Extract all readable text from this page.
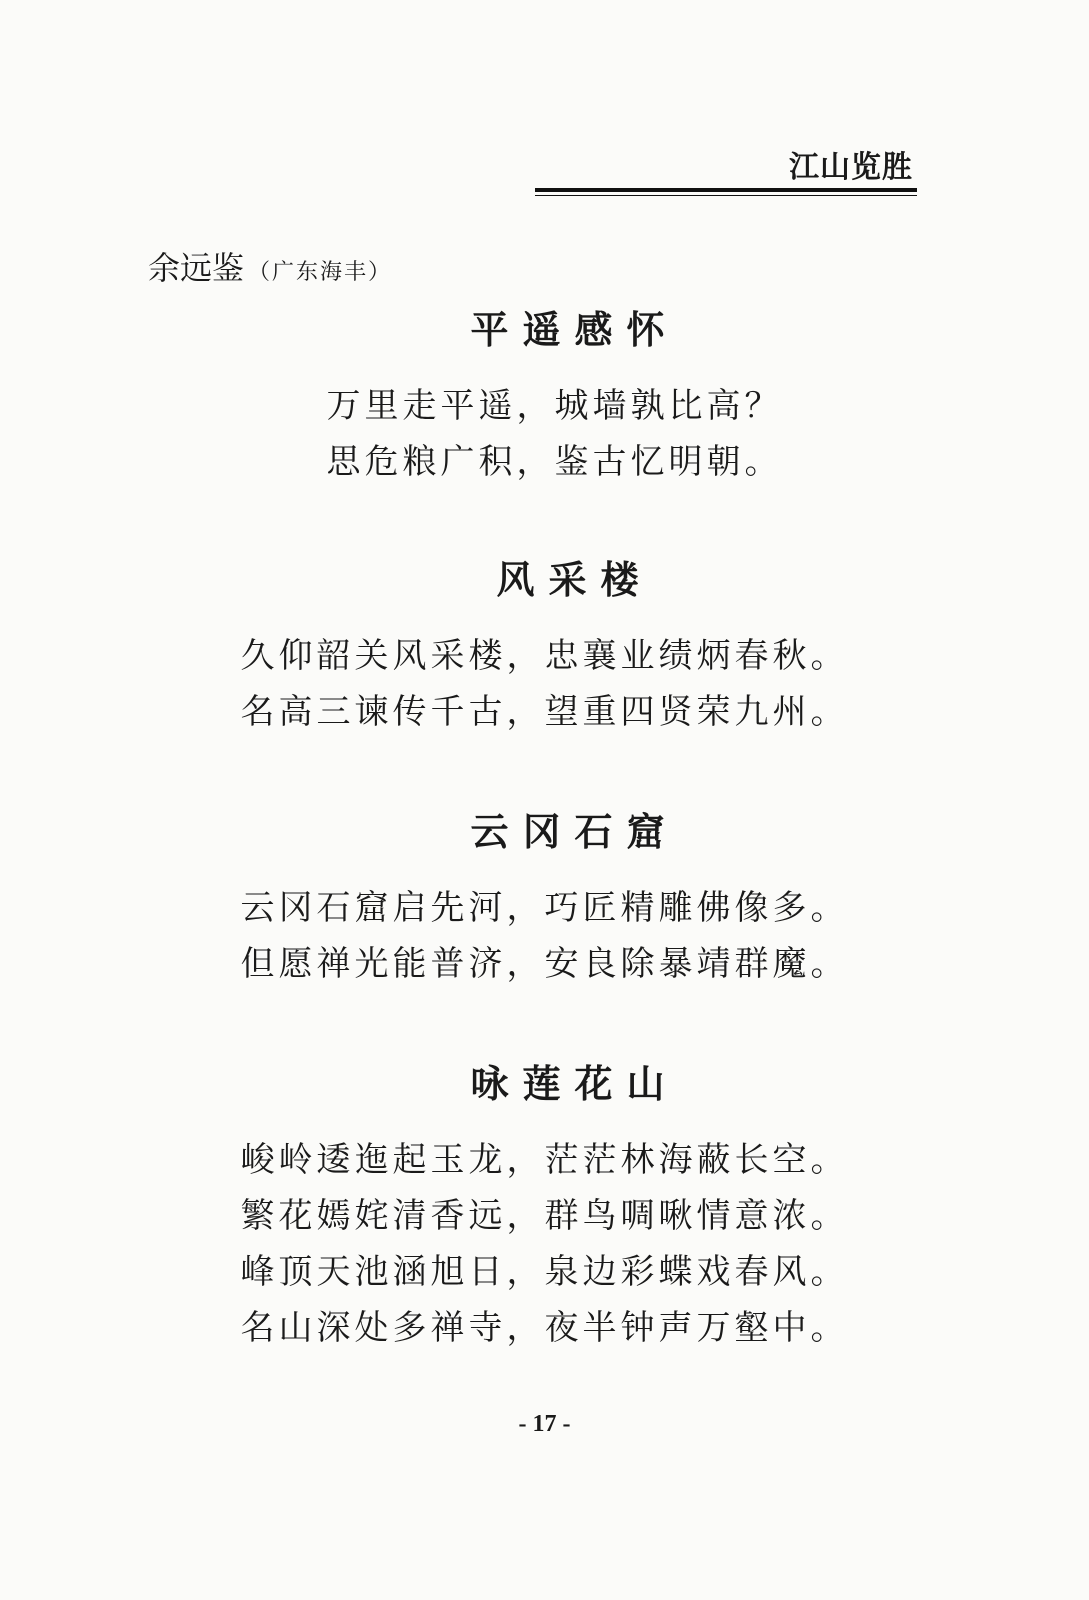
江山览胜
余远鉴 （广东海丰）
平遥感怀
万里走平遥，城墙孰比高？
思危粮广积，鉴古忆明朝。
风采楼
久仰韶关风采楼，忠襄业绩炳春秋。
名高三谏传千古，望重四贤荣九州。
云冈石窟
云冈石窟启先河，巧匠精雕佛像多。
但愿禅光能普济，安良除暴靖群魔。
咏莲花山
峻岭逶迤起玉龙，茫茫林海蔽长空。
繁花嫣姹清香远，群鸟啁啾情意浓。
峰顶天池涵旭日，泉边彩蝶戏春风。
名山深处多禅寺，夜半钟声万壑中。
- 17 -
